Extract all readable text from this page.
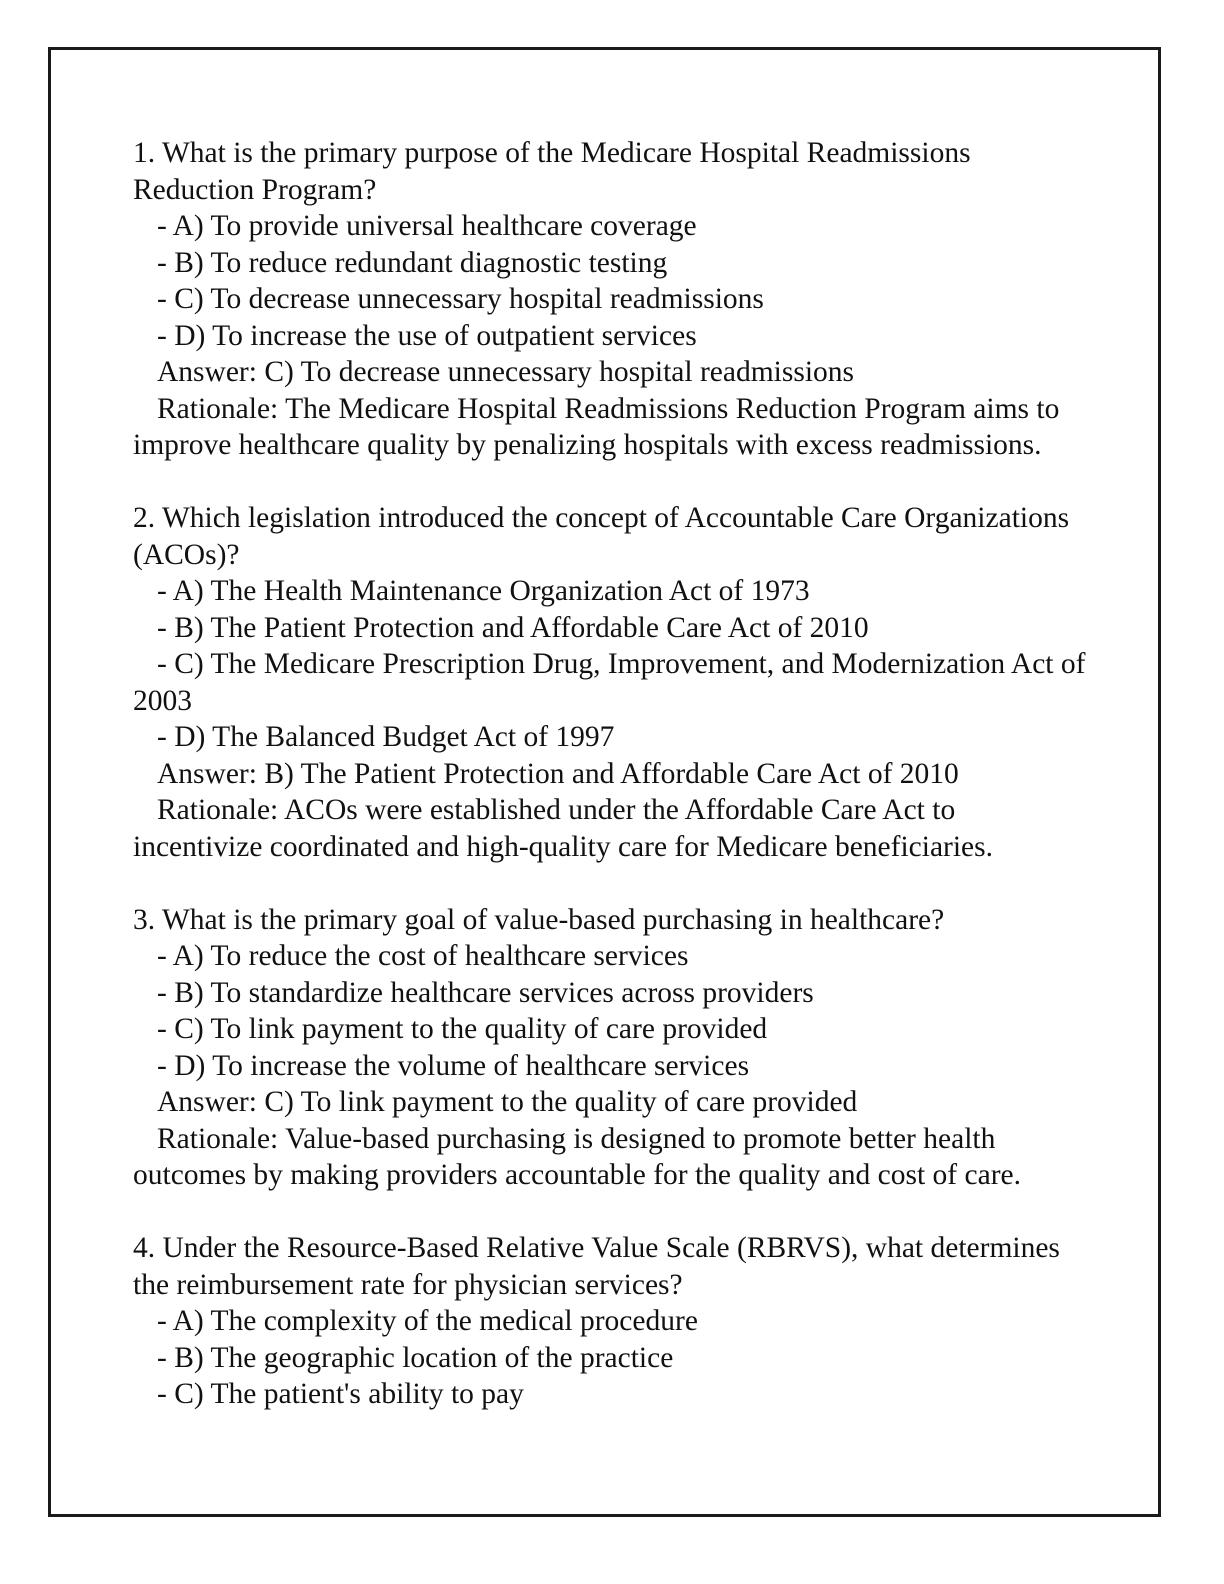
1. What is the primary purpose of the Medicare Hospital Readmissions Reduction Program?

- A) To provide universal healthcare coverage

- B) To reduce redundant diagnostic testing

- C) To decrease unnecessary hospital readmissions

- D) To increase the use of outpatient services

Answer: C) To decrease unnecessary hospital readmissions

Rationale: The Medicare Hospital Readmissions Reduction Program aims to improve healthcare quality by penalizing hospitals with excess readmissions.

2. Which legislation introduced the concept of Accountable Care Organizations (ACOs)?

- A) The Health Maintenance Organization Act of 1973

- B) The Patient Protection and Affordable Care Act of 2010

- C) The Medicare Prescription Drug, Improvement, and Modernization Act of 2003

- D) The Balanced Budget Act of 1997

Answer: B) The Patient Protection and Affordable Care Act of 2010

Rationale: ACOs were established under the Affordable Care Act to incentivize coordinated and high-quality care for Medicare beneficiaries.

3. What is the primary goal of value-based purchasing in healthcare?

- A) To reduce the cost of healthcare services

- B) To standardize healthcare services across providers

- C) To link payment to the quality of care provided

- D) To increase the volume of healthcare services

Answer: C) To link payment to the quality of care provided

Rationale: Value-based purchasing is designed to promote better health outcomes by making providers accountable for the quality and cost of care.

4. Under the Resource-Based Relative Value Scale (RBRVS), what determines the reimbursement rate for physician services?

- A) The complexity of the medical procedure

- B) The geographic location of the practice

- C) The patient's ability to pay
